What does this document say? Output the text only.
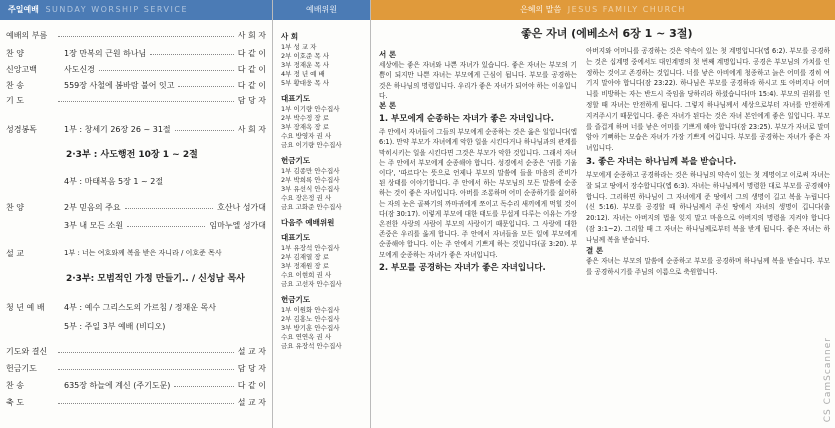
주일예배 SUNDAY WORSHIP SERVICE
예배의 부름	사 회 자
찬 양	1장 만복의 근원 하나님	다 같 이
신앙고백	사도신경	다 같 이
찬 송	559장 사철에 봄바람 불어 잇고	다 같 이
기 도	담 당 자
성경봉독	1부 : 창세기 26장 26 ~ 31절	사 회 자
2·3부 : 사도행전 10장 1 ~ 2절
4부 : 마태복음 5장 1 ~ 2절
찬 양	2부 믿음의 주요	호산나 성가대
3부 내 모든 소원	임마누엘 성가대
설 교	1부 : 너는 여호와께 복을 받은 자니라 / 이호준 목사
2·3부: 모범적인 가정 만들기.. / 신성남 목사
청 년 예 배	4부 : 예수 그리스도의 가르침 / 정재운 목사
5부 : 주일 3부 예배 (비디오)
기도와 결신	설 교 자
헌금기도	담 당 자
찬 송	635장 하늘에 계신 (주기도문)	다 같 이
축 도	설 교 자
예배위원
사 회
1부 성 교 자
2부 이호준 목 사
3부 정재운 목 사
4부 정 년 예 배
5부 황대웅 목 사
대표기도
1부 이기량 안수집사
2부 박수정 장 로
3부 장재옥 장 로
수요 방영자 권 사
금요 이기량 안수집사
헌금기도
1부 김종만 안수집사
2부 박희록 안수집사
3부 유선식 안수집사
수요 장은정 권 사
금요 고화준 안수집사
다음주 예배위원
대표기도
1부 유장석 안수집사
2부 김재열 장 로
3부 정재원 장 로
수요 이현희 권 사
금요 고선자 안수집사
헌금기도
1부 이원화 안수집사
2부 김홍노 안수집사
3부 방기훈 안수집사
수요 연연옥 권 사
금요 유장석 안수집사
은혜의 말씀 JESUS FAMILY CHURCH
좋은 자녀 (에베소서 6장 1 ~ 3절)
서 론

세상에는 좋은 자녀와 나쁜 자녀가 있습니다. 좋은 자녀는 부모의 기쁨이 되지만 나쁜 자녀는 부모에게 근심이 됩니다. 부모를 공경하는 것은 하나님의 명령입니다. 우리가 좋은 자녀가 되어야 하는 이유입니다.

본 론
1. 부모에게 순종하는 자녀가 좋은 자녀입니다.

주 안에서 자녀들이 그들의 부모에게 순종하는 것은 옳은 일입니다(엡 6:1). 만약 부모가 자녀에게 악한 일을 시킨다거나 하나님과의 관계를 막히시키는 일을 시킨다면 그것은 부모가 악한 것입니다. 그래서 자녀는 주 안에서 부모에게 순종해야 합니다. 성경에서 순종은 '귀를 기울이다', '따르다'는 뜻으로 언제나 부모의 말씀에 들을 마음의 준비가 된 상태를 이야기합니다. 주 안에서 하는 부모님의 모든 말씀에 순종하는 것이 좋은 자녀입니다. 아버를 조롱하며 어미 순종하기를 싫어하는 자의 눈은 골짜기의 까마귀에게 쪼이고 독수리 새끼에게 먹힐 것이다(잠 30:17). 이렇게 부모에 대한 태도를 무섭게 다루는 이유는 가장 온전한 사랑의 사람이 부모의 사랑이기 때문입니다. 그 사랑에 대한 존중은 우리를 옳게 합니다. 주 안에서 자녀들을 모든 일에 부모에게 순종해야 합니다. 이는 주 안에서 기쁘게 하는 것입니다(골 3:20). 부모에게 순종하는 자녀가 좋은 자녀입니다.

2. 부모를 공경하는 자녀가 좋은 자녀입니다.

아버지와 어머니를 공경하는 것은 약속이 있는 첫 계명입니다(엡 6:2). 부모를 공경하는 것은 십계명 중에서도 대인계명의 첫 번째 계명입니다. 공경은 부모님의 가치를 인정하는 것이고 존경하는 것입니다. 너를 낳은 아비에게 청종하고 늙은 어미를 경히 여기지 말아야 합니다(잠 23:22). 하나님은 부모를 공경하라 하시고 또 아버지나 어머니를 비방하는 자는 반드시 죽임을 당하리라 하셨습니다(마 15:4). 부모의 권위를 인정할 때 자녀는 안전하게 됩니다. 그렇지 하나님께서 세상으로부터 자녀를 안전하게 지켜주시기 때문입니다. 좋은 자녀가 된다는 것은 자녀 본인에게 좋은 일입니다. 부모를 즐겁게 하며 너를 낳은 어미를 기쁘게 해야 합니다(잠 23:25). 부모가 자녀로 말미암아 기뻐하는 모습은 자녀가 가장 기쁘게 여깁니다. 부모를 공경하는 자녀가 좋은 자녀입니다.

3. 좋은 자녀는 하나님께 복을 받습니다.

부모에게 순종하고 공경하라는 것은 하나님의 약속이 있는 첫 계명이고 이로써 자녀는 잘 되고 땅에서 장수합니다(엡 6:3). 자녀는 하나님께서 명령한 대로 부모를 공경해야 합니다. 그리하면 하나님이 그 자녀에게 준 땅에서 그의 생명이 길고 복을 누립니다(신 5:16). 부모를 공경할 때 하나님께서 주신 땅에서 자녀의 생명이 깁니다(출 20:12). 자녀는 아버지의 법을 잊지 말고 마음으로 아버지의 명령을 지켜야 합니다(잠 3:1~2). 그리할 때 그 자녀는 하나님께로부터 복을 받게 됩니다. 좋은 자녀는 하나님께 복을 받습니다.

결 론

좋은 자녀는 부모의 말씀에 순종하고 부모를 공경하며 하나님께 복을 받습니다. 부모를 공경하시기를 주님의 이름으로 축원합니다.

CS CamScanner
